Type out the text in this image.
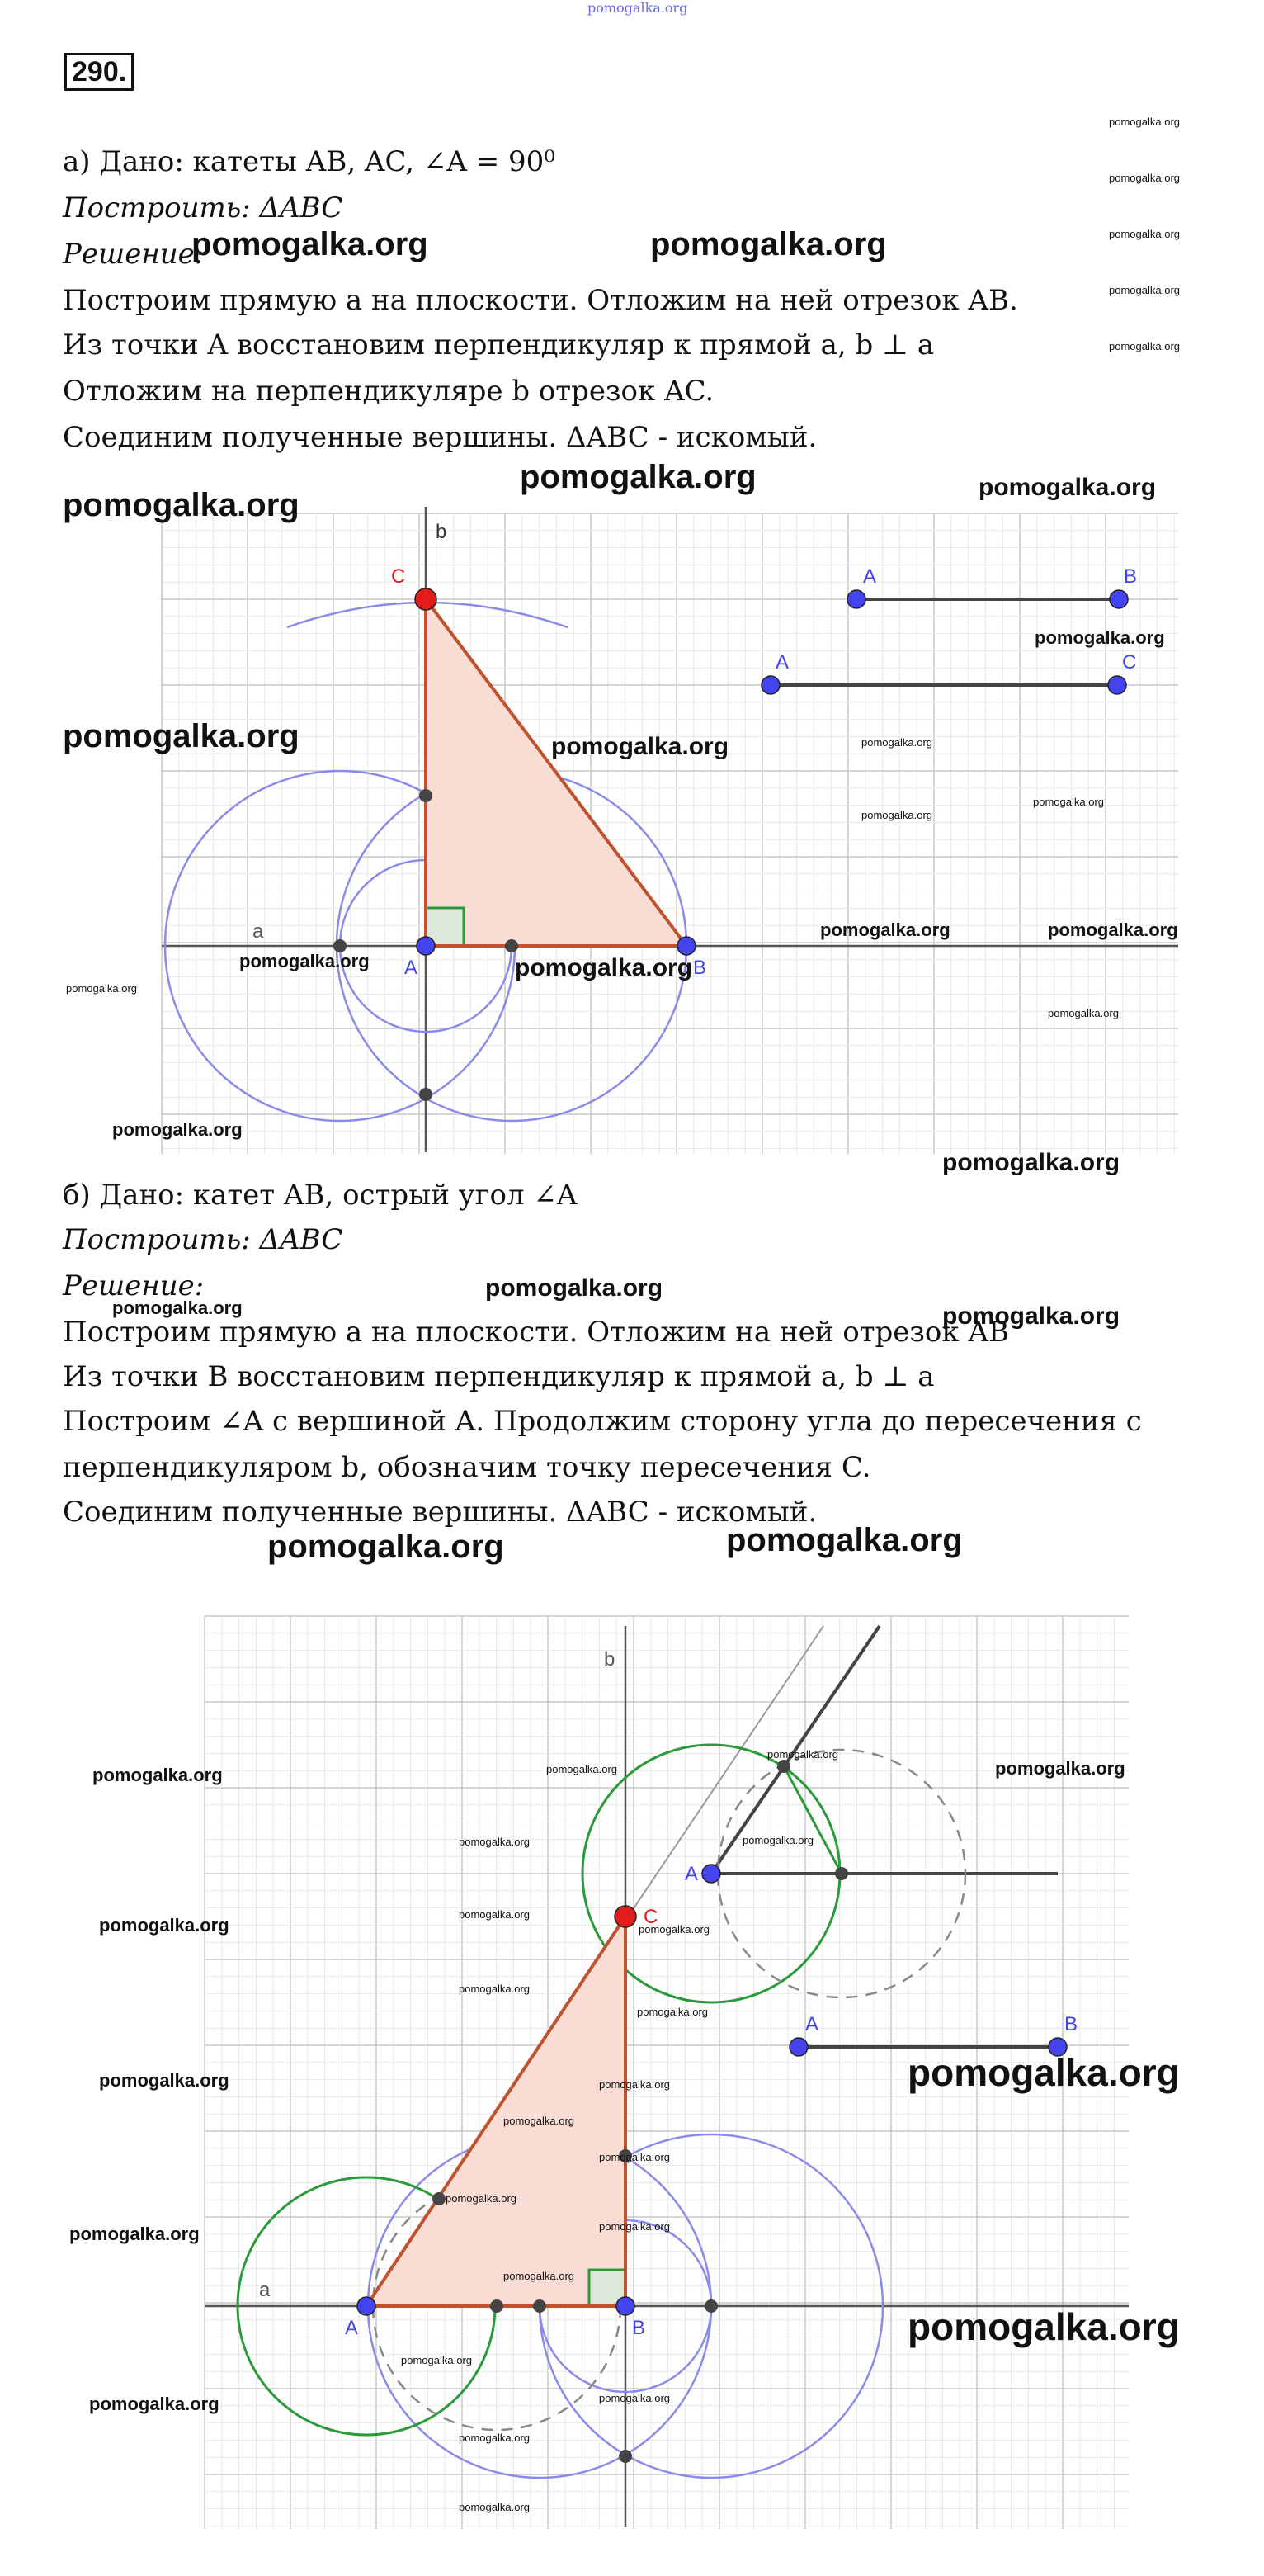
pomogalka.org
290.
а) Дано: катеты AB, AC, ∠A = 90⁰
Построить: ΔABC
Решение:
Построим прямую a на плоскости. Отложим на ней отрезок AB.
Из точки A восстановим перпендикуляр к прямой a, b ⊥ a
Отложим на перпендикуляре b отрезок AC.
Соединим полученные вершины. ΔABC - искомый.
A	B
C
a
b
A	B
A	C
б) Дано: катет AB, острый угол ∠A
Построить: ΔABC
Решение:
Построим прямую a на плоскости. Отложим на ней отрезок AB
Из точки B восстановим перпендикуляр к прямой a, b ⊥ a
Построим ∠A с вершиной A. Продолжим сторону угла до пересечения с
перпендикуляром b, обозначим точку пересечения C.
Соединим полученные вершины. ΔABC - искомый.
A	B
C
A
a
b
A	B
pomogalka.org	pomogalka.org
pomogalka.org
pomogalka.org	pomogalka.org
pomogalka.org	pomogalka.org
pomogalka.org
pomogalka.org	pomogalka.org
pomogalka.org	pomogalka.org
pomogalka.org
pomogalka.org
pomogalka.org
pomogalka.org	pomogalka.org
pomogalka.org	pomogalka.org
pomogalka.org	pomogalka.org
pomogalka.org
pomogalka.org	pomogalka.org
pomogalka.org
pomogalka.org
pomogalka.org
pomogalka.org
pomogalka.org
pomogalka.org
pomogalka.org
pomogalka.org
pomogalka.org
pomogalka.org
pomogalka.org
pomogalka.org
pomogalka.org
pomogalka.org
pomogalka.org
pomogalka.org
pomogalka.org
pomogalka.org
pomogalka.org
pomogalka.org
pomogalka.org
pomogalka.org
pomogalka.org
pomogalka.org
pomogalka.org
pomogalka.org
pomogalka.org
pomogalka.org
pomogalka.org
pomogalka.org
pomogalka.org
